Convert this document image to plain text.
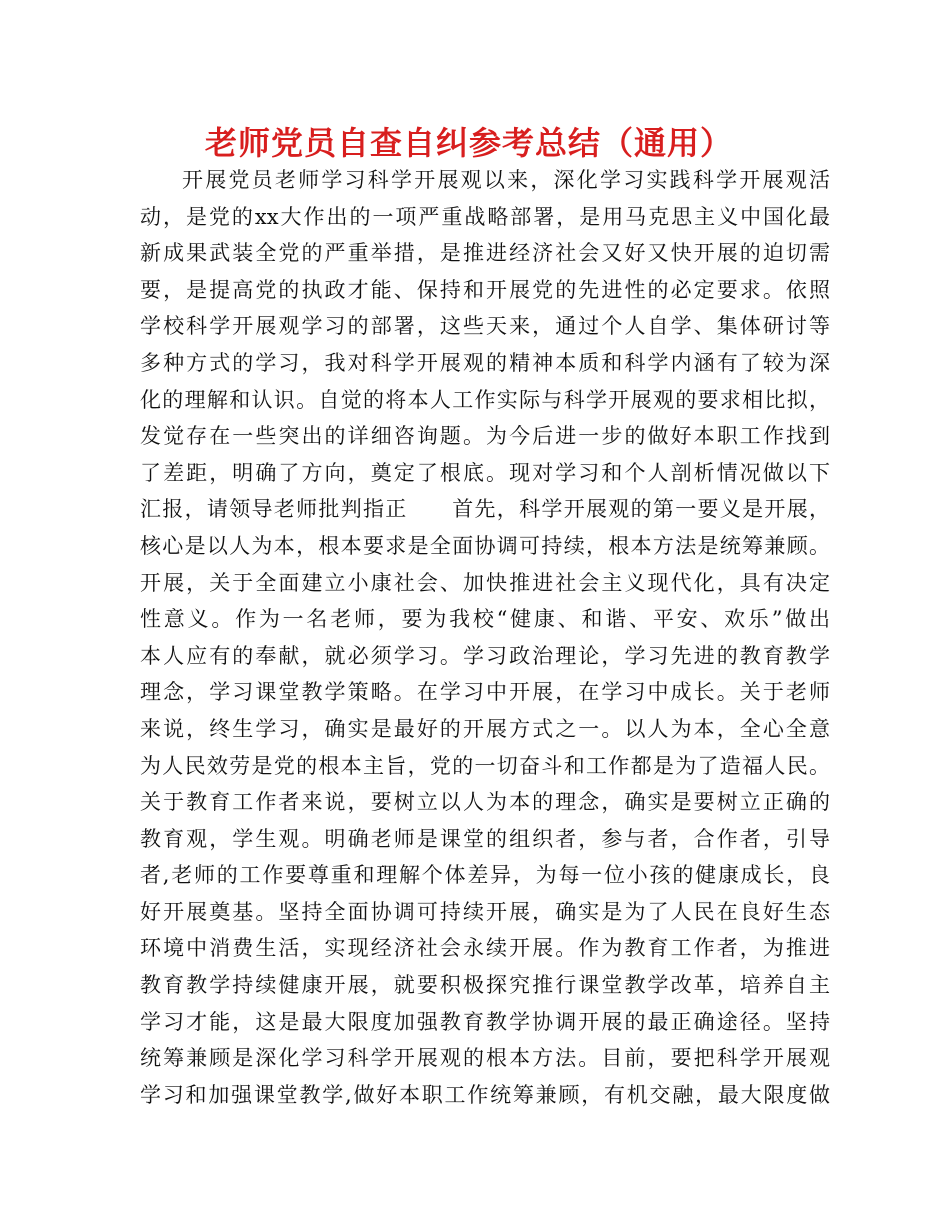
老师党员自查自纠参考总结（通用）
开展党员老师学习科学开展观以来，深化学习实践科学开展观活
动，是党的xx大作出的一项严重战略部署，是用马克思主义中国化最
新成果武装全党的严重举措，是推进经济社会又好又快开展的迫切需
要，是提高党的执政才能、保持和开展党的先进性的必定要求。依照
学校科学开展观学习的部署，这些天来，通过个人自学、集体研讨等
多种方式的学习，我对科学开展观的精神本质和科学内涵有了较为深
化的理解和认识。自觉的将本人工作实际与科学开展观的要求相比拟，
发觉存在一些突出的详细咨询题。为今后进一步的做好本职工作找到
了差距，明确了方向，奠定了根底。现对学习和个人剖析情况做以下
汇报，请领导老师批判指正　　首先，科学开展观的第一要义是开展，
核心是以人为本，根本要求是全面协调可持续，根本方法是统筹兼顾。
开展，关于全面建立小康社会、加快推进社会主义现代化，具有决定
性意义。作为一名老师，要为我校“健康、和谐、平安、欢乐”做出
本人应有的奉献，就必须学习。学习政治理论，学习先进的教育教学
理念，学习课堂教学策略。在学习中开展，在学习中成长。关于老师
来说，终生学习，确实是最好的开展方式之一。以人为本，全心全意
为人民效劳是党的根本主旨，党的一切奋斗和工作都是为了造福人民。
关于教育工作者来说，要树立以人为本的理念，确实是要树立正确的
教育观，学生观。明确老师是课堂的组织者，参与者，合作者，引导
者,老师的工作要尊重和理解个体差异，为每一位小孩的健康成长，良
好开展奠基。坚持全面协调可持续开展，确实是为了人民在良好生态
环境中消费生活，实现经济社会永续开展。作为教育工作者，为推进
教育教学持续健康开展，就要积极探究推行课堂教学改革，培养自主
学习才能，这是最大限度加强教育教学协调开展的最正确途径。坚持
统筹兼顾是深化学习科学开展观的根本方法。目前，要把科学开展观
学习和加强课堂教学,做好本职工作统筹兼顾，有机交融，最大限度做
